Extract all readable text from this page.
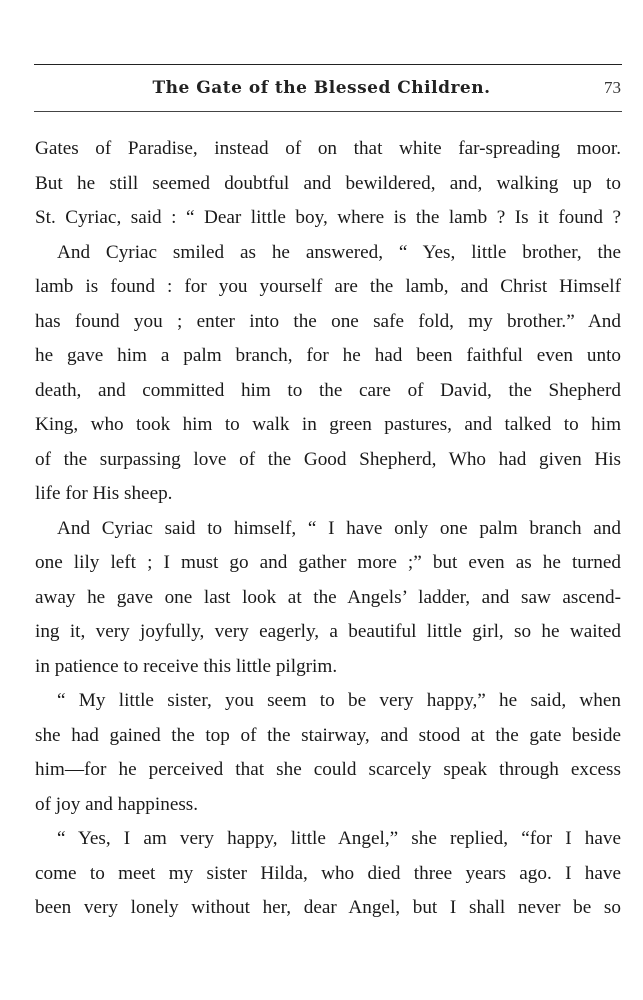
The Gate of the Blessed Children.	73
Gates of Paradise, instead of on that white far-spreading moor.
But he still seemed doubtful and bewildered, and, walking up to
St. Cyriac, said : “ Dear little boy, where is the lamb ? Is it found ?
And Cyriac smiled as he answered, “ Yes, little brother, the
lamb is found : for you yourself are the lamb, and Christ Himself
has found you ; enter into the one safe fold, my brother.” And
he gave him a palm branch, for he had been faithful even unto
death, and committed him to the care of David, the Shepherd
King, who took him to walk in green pastures, and talked to him
of the surpassing love of the Good Shepherd, Who had given His
life for His sheep.
And Cyriac said to himself, “ I have only one palm branch and
one lily left ; I must go and gather more ;” but even as he turned
away he gave one last look at the Angels’ ladder, and saw ascend-
ing it, very joyfully, very eagerly, a beautiful little girl, so he waited
in patience to receive this little pilgrim.
“ My little sister, you seem to be very happy,” he said, when
she had gained the top of the stairway, and stood at the gate beside
him—for he perceived that she could scarcely speak through excess
of joy and happiness.
“ Yes, I am very happy, little Angel,” she replied, “for I have
come to meet my sister Hilda, who died three years ago. I have
been very lonely without her, dear Angel, but I shall never be so
